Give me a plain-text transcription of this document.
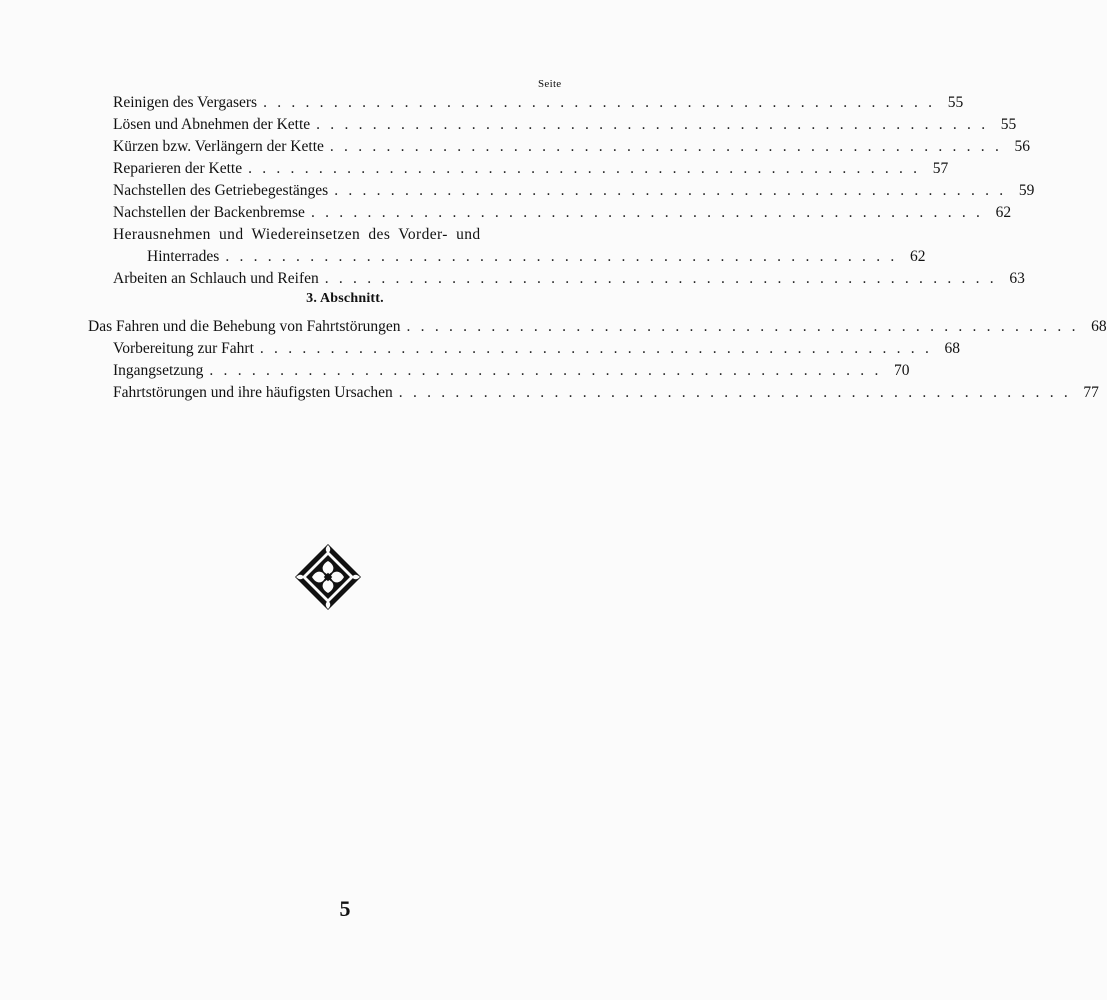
Seite
Reinigen des Vergasers . . . . . . . . . . . . . . . . . . . . . . . . . . . . . . . . . . . . . . . . . . . . . . . . 55
Lösen und Abnehmen der Kette . . . . . . . . . . . . . . . . . . . . . . . . . . . . . . . . . . . . . . . . . . . . . . . . 55
Kürzen bzw. Verlängern der Kette . . . . . . . . . . . . . . . . . . . . . . . . . . . . . . . . . . . . . . . . . . . . . . . . 56
Reparieren der Kette . . . . . . . . . . . . . . . . . . . . . . . . . . . . . . . . . . . . . . . . . . . . . . . . 57
Nachstellen des Getriebegestänges . . . . . . . . . . . . . . . . . . . . . . . . . . . . . . . . . . . . . . . . . . . . . . . . 59
Nachstellen der Backenbremse . . . . . . . . . . . . . . . . . . . . . . . . . . . . . . . . . . . . . . . . . . . . . . . . 62
Herausnehmen und Wiedereinsetzen des Vorder- und
Hinterrades . . . . . . . . . . . . . . . . . . . . . . . . . . . . . . . . . . . . . . . . . . . . . . . . 62
Arbeiten an Schlauch und Reifen . . . . . . . . . . . . . . . . . . . . . . . . . . . . . . . . . . . . . . . . . . . . . . . . 63
3. Abschnitt.
Das Fahren und die Behebung von Fahrtstörungen . . . . . . . . . . . . . . . . . . . . . . . . . . . . . . . . . . . . . . . . . . . . . . . . 68
Vorbereitung zur Fahrt . . . . . . . . . . . . . . . . . . . . . . . . . . . . . . . . . . . . . . . . . . . . . . . . 68
Ingangsetzung . . . . . . . . . . . . . . . . . . . . . . . . . . . . . . . . . . . . . . . . . . . . . . . . 70
Fahrtstörungen und ihre häufigsten Ursachen . . . . . . . . . . . . . . . . . . . . . . . . . . . . . . . . . . . . . . . . . . . . . . . . 77
5
